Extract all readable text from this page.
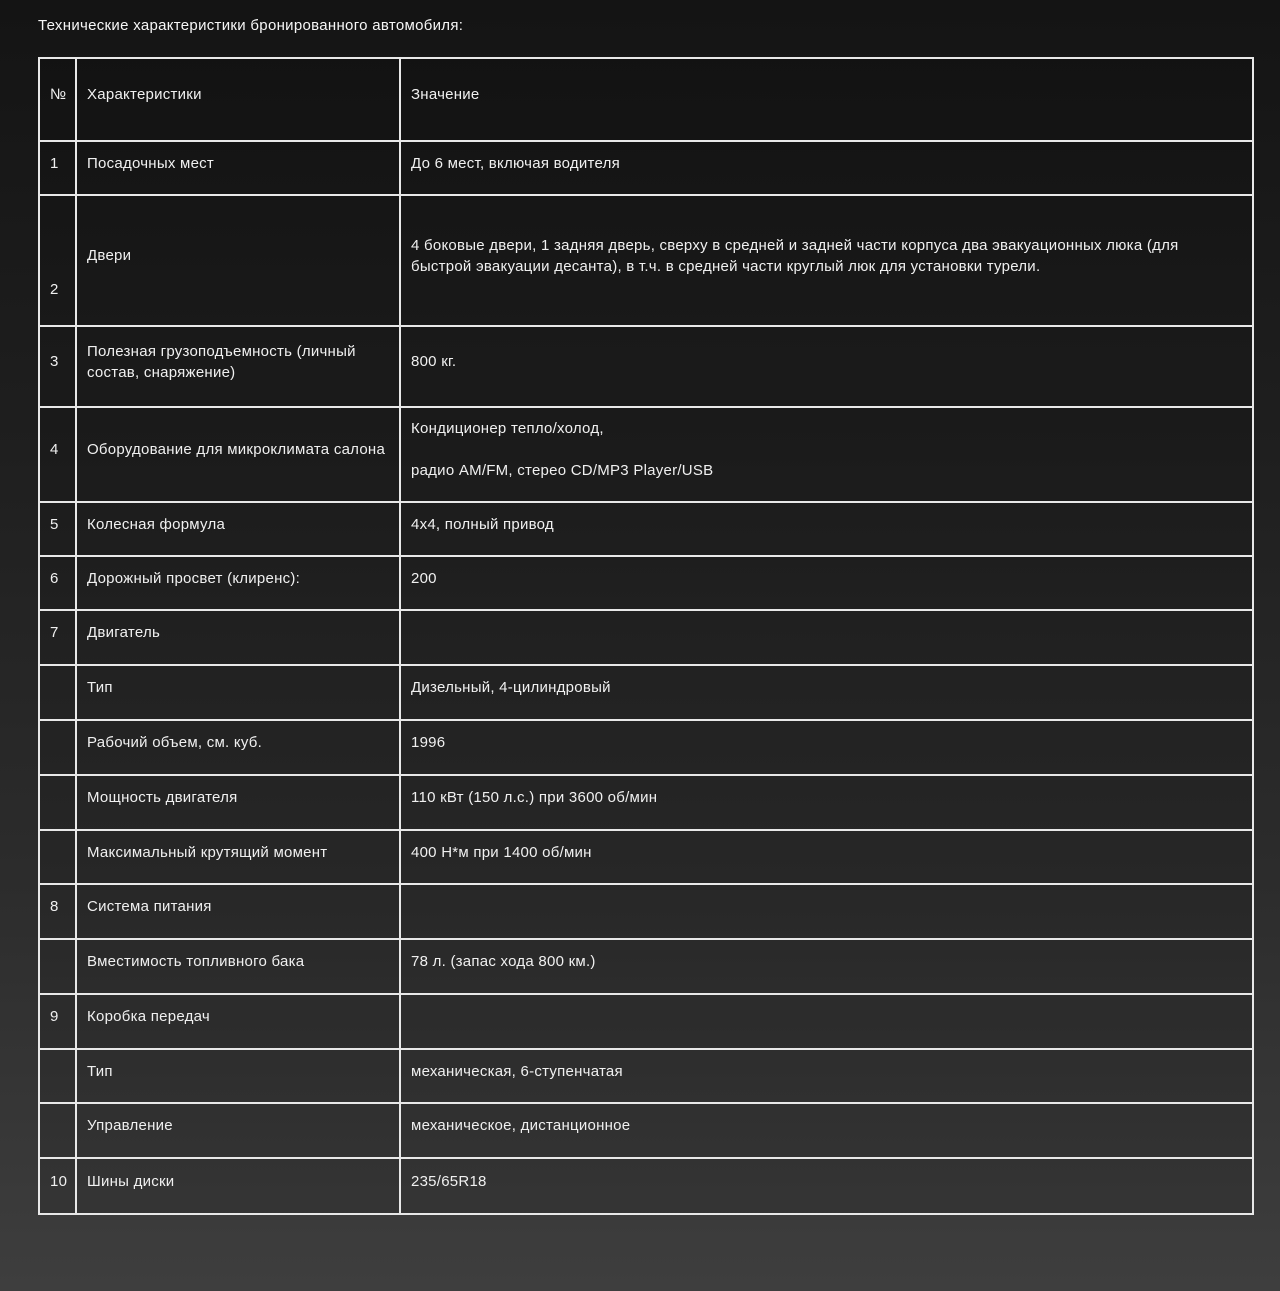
Технические характеристики бронированного автомобиля:

№	Характеристики	Значение
1	Посадочных мест	До 6 мест, включая водителя

2	Двери	4 боковые двери, 1 задняя дверь, сверху в средней и задней части корпуса два эвакуационных люка (для быстрой эвакуации десанта), в т.ч. в средней части круглый люк для установки турели.

3	Полезная грузоподъемность (личный состав, снаряжение)	800 кг.

4	Оборудование для микроклимата салона	Кондиционер тепло/холод,

радио AM/FM, стерео CD/MP3 Player/USB

5	Колесная формула	4х4, полный привод

6	Дорожный просвет (клиренс):	200

7	Двигатель	
	Тип	Дизельный, 4-цилиндровый

	Рабочий объем, см. куб.	1996

	Мощность двигателя	110 кВт (150 л.с.) при 3600 об/мин

	Максимальный крутящий момент	400 Н*м при 1400 об/мин

8	Система питания	
	Вместимость топливного бака	78 л. (запас хода 800 км.)

9	Коробка передач	
	Тип	механическая, 6-ступенчатая

	Управление	механическое, дистанционное

10	Шины диски	235/65R18
